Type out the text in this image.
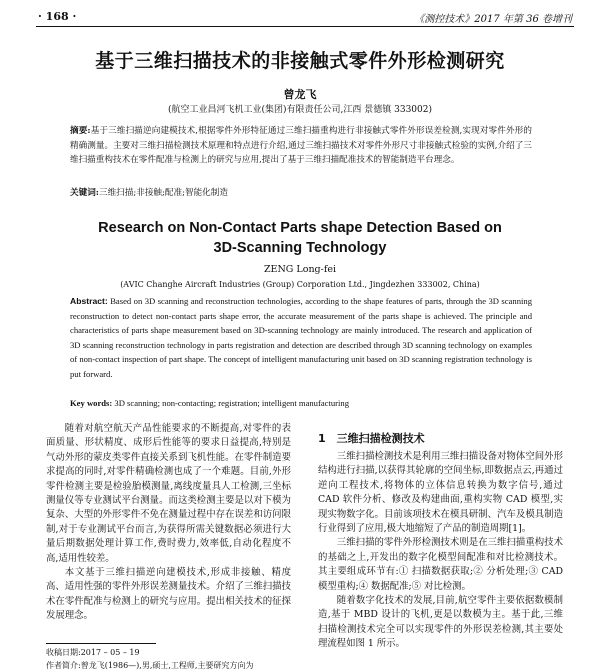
· 168 ·	《测控技术》2017 年第 36 卷增刊
基于三维扫描技术的非接触式零件外形检测研究
曾龙飞
(航空工业昌河飞机工业(集团)有限责任公司,江西 景德镇 333002)
摘要:基于三维扫描逆向建模技术,根据零件外形特征通过三维扫描重构进行非接触式零件外形误差检测,实现对零件外形的精确测量。主要对三维扫描检测技术原理和特点进行介绍,通过三维扫描技术对零件外形尺寸非接触式检验的实例,介绍了三维扫描重构技术在零件配准与检测上的研究与应用,提出了基于三维扫描配准技术的智能制造平台理念。
关键词:三维扫描;非接触;配准;智能化制造
Research on Non-Contact Parts shape Detection Based on
3D-Scanning Technology
ZENG Long-fei
(AVIC Changhe Aircraft Industries (Group) Corporation Ltd., Jingdezhen 333002, China)
Abstract: Based on 3D scanning and reconstruction technologies, according to the shape features of parts, through the 3D scanning reconstruction to detect non-contact parts shape error, the accurate measurement of the parts shape is achieved. The principle and characteristics of parts shape measurement based on 3D-scanning technology are mainly introduced. The research and application of 3D scanning reconstruction technology in parts registration and detection are described through 3D scanning technology on examples of non-contact inspection of part shape. The concept of intelligent manufacturing unit based on 3D scanning registration technology is put forward.
Key words: 3D scanning; non-contacting; registration; intelligent manufacturing

随着对航空航天产品性能要求的不断提高,对零件的表面质量、形状精度、成形后性能等的要求日益提高,特别是气动外形的蒙皮类零件直接关系到飞机性能。在零件制造要求提高的同时,对零件精确检测也成了一个难题。目前,外形零件检测主要是检验胎模测量,离线度量具人工检测,三坐标测量仪等专业测试平台测量。而这类检测主要是以对下模为复杂、大型的外形零件不免在测量过程中存在误差和访问限制,对于专业测试平台而言,为获得所需关键数据必须进行大量后期数据处理计算工作,费时费力,效率低,自动化程度不高,适用性较差。

本文基于三维扫描逆向建模技术,形成非接触、精度高、适用性强的零件外形误差测量技术。介绍了三维扫描技术在零件配准与检测上的研究与应用。提出相关技术的征探发展理念。

1　三维扫描检测技术

三维扫描检测技术是利用三维扫描设备对物体空间外形结构进行扫描,以获得其轮廓的空间坐标,即数据点云,再通过逆向工程技术,将物体的立体信息转换为数字信号,通过 CAD 软件分析、修改及构建曲面,重构实物 CAD 模型,实现实物数字化。目前该项技术在模具研制、汽车及模具制造行业得到了应用,极大地缩短了产品的制造周期[1]。

三维扫描的零件外形检测技术则是在三维扫描重构技术的基础之上,开发出的数字化模型间配准和对比检测技术。其主要组成环节有:① 扫描数据获取;② 分析处理;③ CAD 模型重构;④ 数据配准;⑤ 对比检测。

随着数字化技术的发展,目前,航空零件主要依据数模制造,基于 MBD 设计的飞机,更是以数模为主。基于此,三维扫描检测技术完全可以实现零件的外形误差检测,其主要处理流程如图 1 所示。

收稿日期:2017 – 05 – 19
作者简介:曾龙飞(1986—),男,硕士,工程师,主要研究方向为
